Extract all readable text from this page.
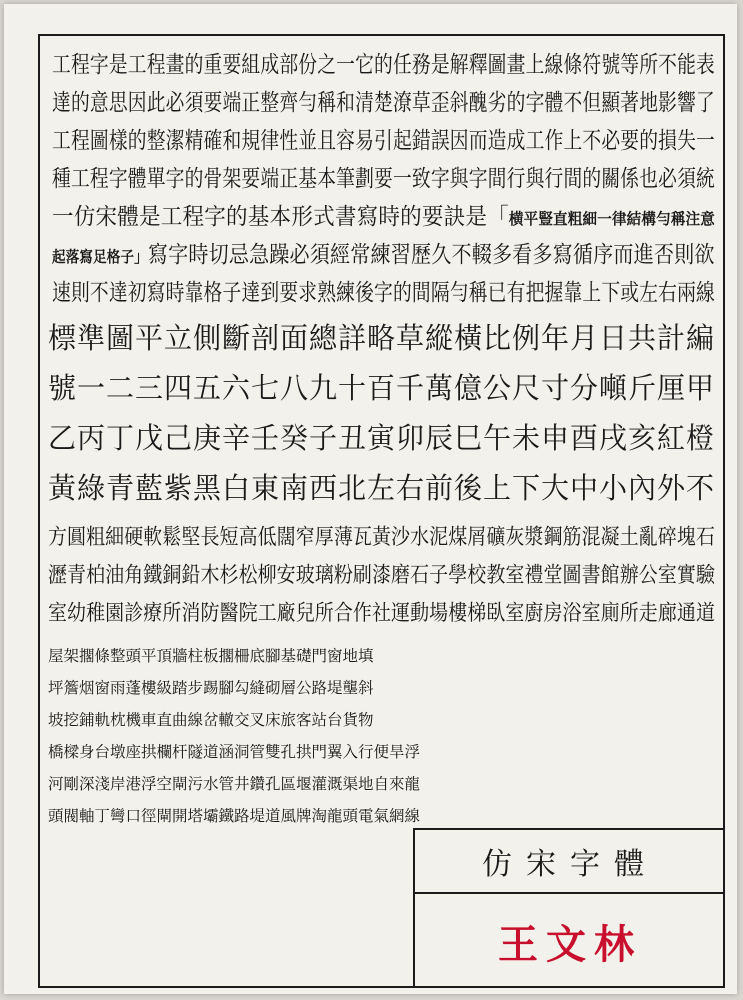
工程字是工程畫的重要組成部份之一它的任務是解釋圖畫上線條符號等所不能表
達的意思因此必須要端正整齊勻稱和清楚潦草歪斜醜劣的字體不但顯著地影響了
工程圖樣的整潔精確和規律性並且容易引起錯誤因而造成工作上不必要的損失一
種工程字體單字的骨架要端正基本筆劃要一致字與字間行與行間的關係也必須統
一仿宋體是工程字的基本形式書寫時的要訣是「横平豎直粗細一律結構勻稱注意
起落寫足格子」寫字時切忌急躁必須經常練習歷久不輟多看多寫循序而進否則欲
速則不達初寫時靠格子達到要求熟練後字的間隔勻稱已有把握靠上下或左右兩線
標準圖平立側斷剖面總詳略草縱橫比例年月日共計編
號一二三四五六七八九十百千萬億公尺寸分噸斤厘甲
乙丙丁戊己庚辛壬癸子丑寅卯辰巳午未申酉戌亥紅橙
黃綠青藍紫黑白東南西北左右前後上下大中小內外不
方圓粗細硬軟鬆堅長短高低闊窄厚薄瓦黃沙水泥煤屑礦灰漿鋼筋混凝土亂碎塊石
瀝青柏油角鐵銅鉛木杉松柳安玻璃粉刷漆磨石子學校教室禮堂圖書館辦公室實驗
室幼稚園診療所消防醫院工廠兒所合作社運動場樓梯臥室廚房浴室廁所走廊通道
屋架擱條整頭平頂牆柱板擱柵底腳基礎門窗地填
坪簷烟窗雨蓬樓級踏步踢腳勾縫砌層公路堤壟斜
坡挖鋪軌枕機車直曲線岔轍交叉床旅客站台貨物
橋樑身台墩座拱欄杆隧道涵洞管雙孔拱門翼入行便旱浮
河剛深淺岸港浮空閘污水管井鑽孔區堰灌溉渠地自來龍
頭閥軸丁彎口徑閘開塔壩鐵路堤道風牌淘龍頭電氣網線
仿宋字體
王文林
